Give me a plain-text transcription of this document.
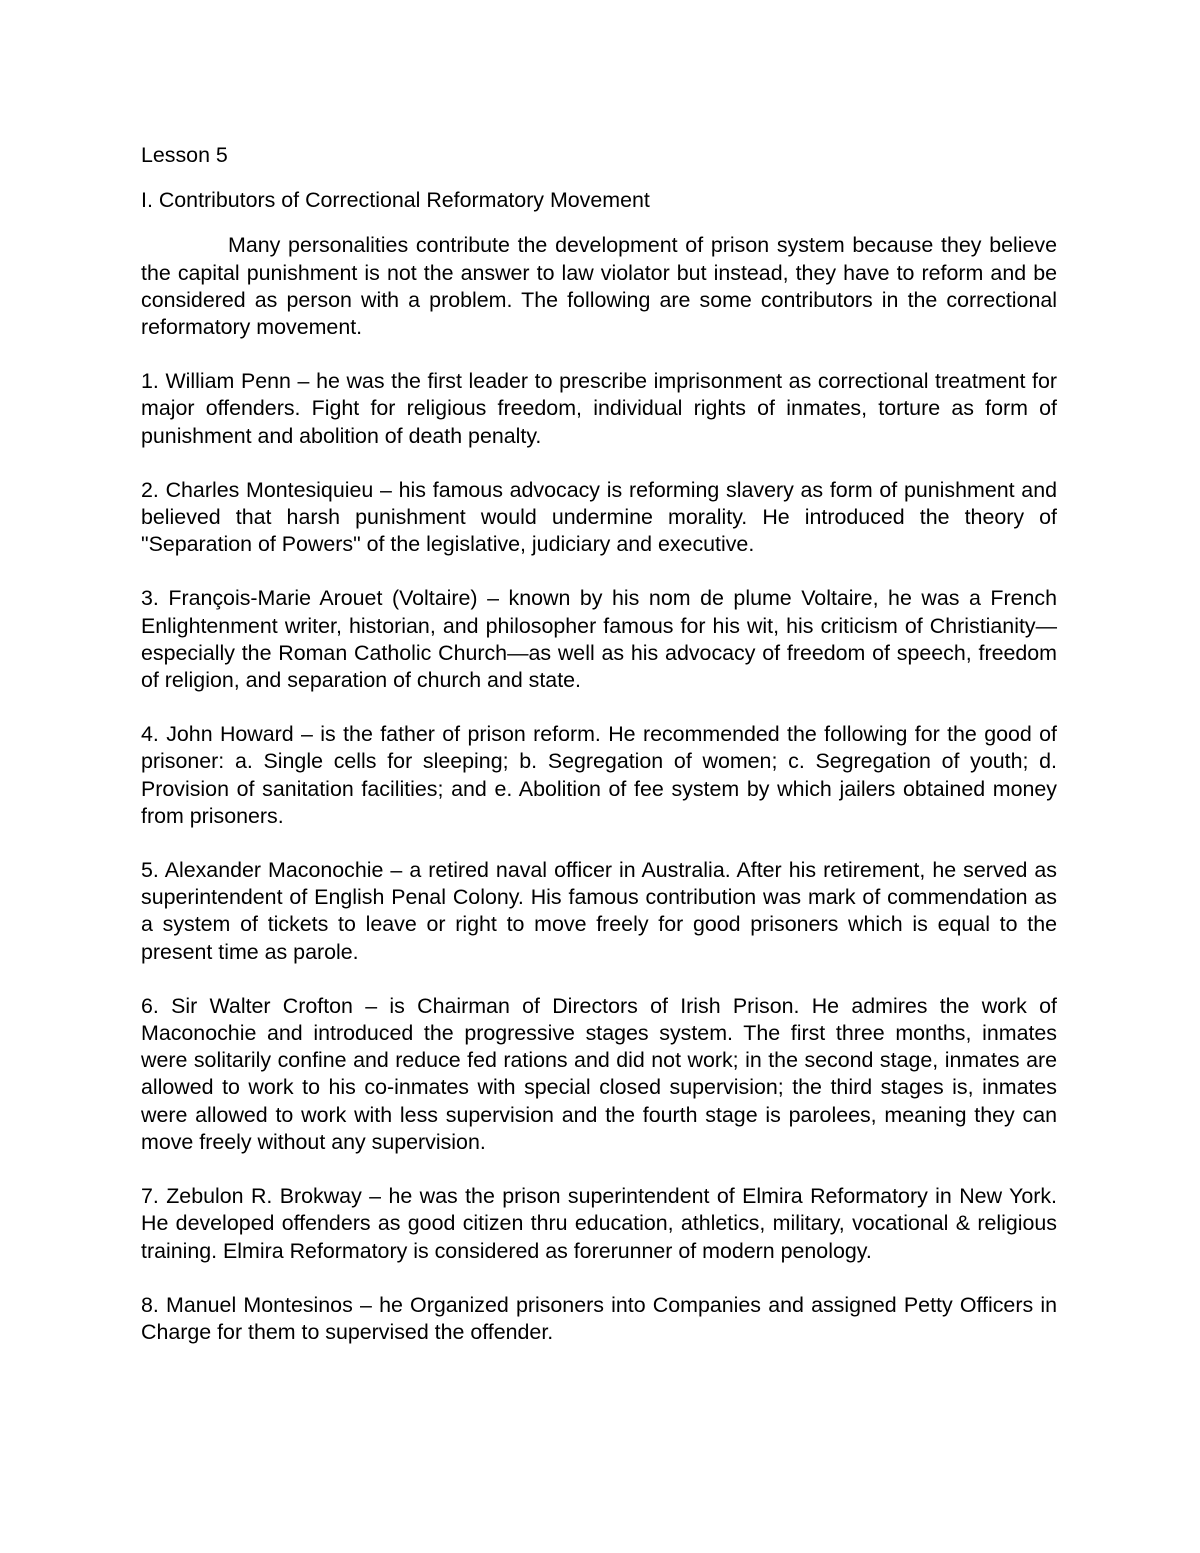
Lesson 5
I. Contributors of Correctional Reformatory Movement

Many personalities contribute the development of prison system because they believe the capital punishment is not the answer to law violator but instead, they have to reform and be considered as person with a problem. The following are some contributors in the correctional reformatory movement.

1. William Penn – he was the first leader to prescribe imprisonment as correctional treatment for major offenders. Fight for religious freedom, individual rights of inmates, torture as form of punishment and abolition of death penalty.

2. Charles Montesiquieu – his famous advocacy is reforming slavery as form of punishment and believed that harsh punishment would undermine morality. He introduced the theory of "Separation of Powers" of the legislative, judiciary and executive.

3. François-Marie Arouet (Voltaire) – known by his nom de plume Voltaire, he was a French Enlightenment writer, historian, and philosopher famous for his wit, his criticism of Christianity—especially the Roman Catholic Church—as well as his advocacy of freedom of speech, freedom of religion, and separation of church and state.

4. John Howard – is the father of prison reform. He recommended the following for the good of prisoner: a. Single cells for sleeping; b. Segregation of women; c. Segregation of youth; d. Provision of sanitation facilities; and e. Abolition of fee system by which jailers obtained money from prisoners.

5. Alexander Maconochie – a retired naval officer in Australia. After his retirement, he served as superintendent of English Penal Colony. His famous contribution was mark of commendation as a system of tickets to leave or right to move freely for good prisoners which is equal to the present time as parole.

6. Sir Walter Crofton – is Chairman of Directors of Irish Prison. He admires the work of Maconochie and introduced the progressive stages system. The first three months, inmates were solitarily confine and reduce fed rations and did not work; in the second stage, inmates are allowed to work to his co-inmates with special closed supervision; the third stages is, inmates were allowed to work with less supervision and the fourth stage is parolees, meaning they can move freely without any supervision.

7. Zebulon R. Brokway – he was the prison superintendent of Elmira Reformatory in New York. He developed offenders as good citizen thru education, athletics, military, vocational & religious training. Elmira Reformatory is considered as forerunner of modern penology.

8. Manuel Montesinos – he Organized prisoners into Companies and assigned Petty Officers in Charge for them to supervised the offender.
